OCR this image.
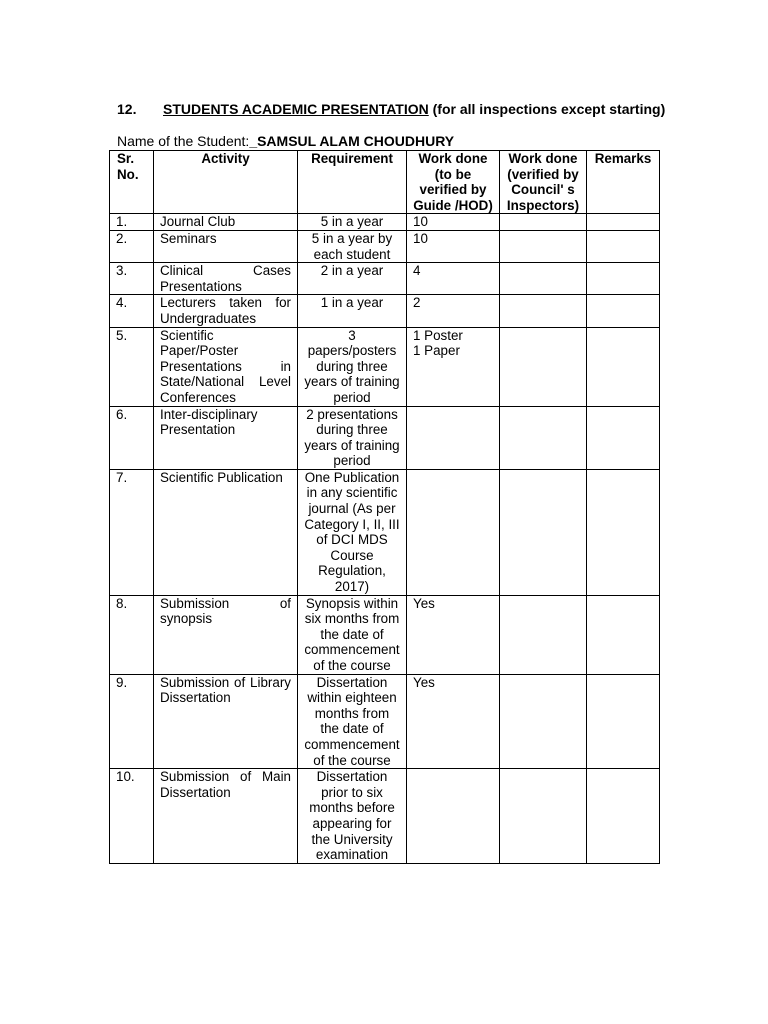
12. STUDENTS ACADEMIC PRESENTATION (for all inspections except starting)
Name of the Student:_SAMSUL ALAM CHOUDHURY
Sr. No.	Activity	Requirement	Work done (to be verified by Guide /HOD)	Work done (verified by Council' s Inspectors)	Remarks
1.	Journal Club	5 in a year	10		

2.	Seminars	5 in a year by each student	10		

3.	Clinical Cases Presentations	2 in a year	4		

4.	Lecturers taken for Undergraduates	1 in a year	2		

5.	Scientific Paper/Poster Presentations in State/National Level Conferences	3 papers/posters during three years of training period	1 Poster
1 Paper		

6.	Inter-disciplinary Presentation	2 presentations during three years of training period	

7.	Scientific Publication	One Publication in any scientific journal (As per Category I, II, III of DCI MDS Course Regulation, 2017)	

8.	Submission of synopsis	Synopsis within six months from the date of commencement of the course	Yes		

9.	Submission of Library Dissertation	Dissertation within eighteen months from the date of commencement of the course	Yes		

10.	Submission of Main Dissertation	Dissertation prior to six months before appearing for the University examination	
